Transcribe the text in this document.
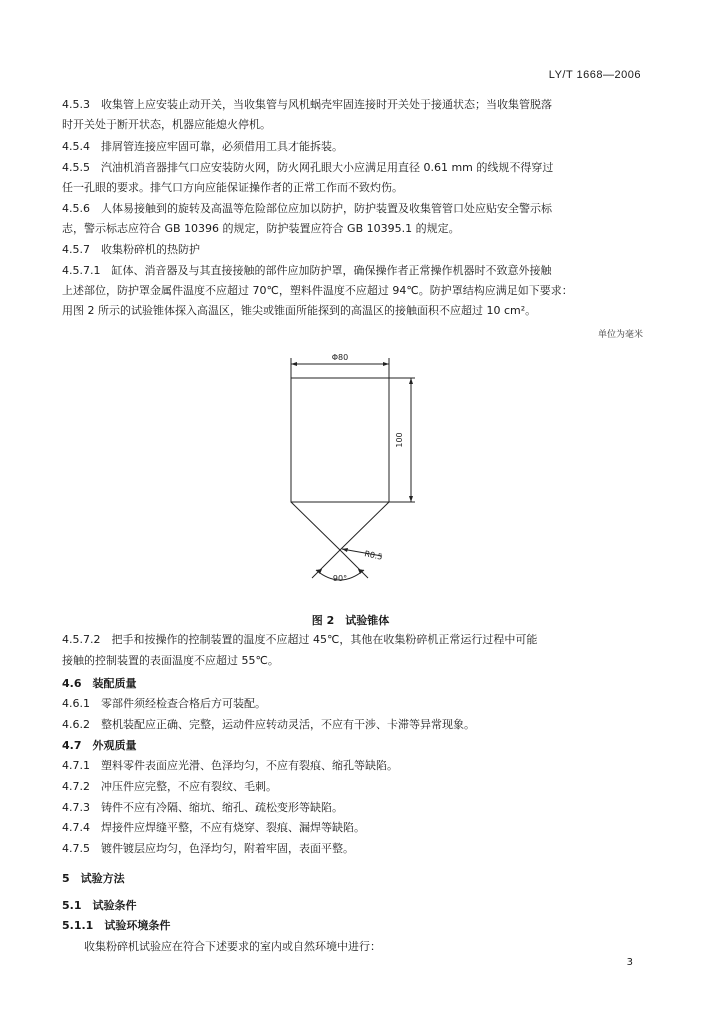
LY/T 1668—2006
4.5.3　收集管上应安装止动开关，当收集管与风机蜗壳牢固连接时开关处于接通状态；当收集管脱落
时开关处于断开状态，机器应能熄火停机。
4.5.4　排屑管连接应牢固可靠，必须借用工具才能拆装。
4.5.5　汽油机消音器排气口应安装防火网，防火网孔眼大小应满足用直径 0.61 mm 的线规不得穿过
任一孔眼的要求。排气口方向应能保证操作者的正常工作而不致灼伤。
4.5.6　人体易接触到的旋转及高温等危险部位应加以防护，防护装置及收集管管口处应贴安全警示标
志，警示标志应符合 GB 10396 的规定，防护装置应符合 GB 10395.1 的规定。
4.5.7　收集粉碎机的热防护
4.5.7.1　缸体、消音器及与其直接接触的部件应加防护罩，确保操作者正常操作机器时不致意外接触
上述部位，防护罩金属件温度不应超过 70℃，塑料件温度不应超过 94℃。防护罩结构应满足如下要求：
用图 2 所示的试验锥体探入高温区，锥尖或锥面所能探到的高温区的接触面积不应超过 10 cm²。
单位为毫米
Φ80
100
R0.5
90°
图 2　试验锥体
4.5.7.2　把手和按操作的控制装置的温度不应超过 45℃，其他在收集粉碎机正常运行过程中可能
接触的控制装置的表面温度不应超过 55℃。
4.6　装配质量
4.6.1　零部件须经检查合格后方可装配。
4.6.2　整机装配应正确、完整，运动件应转动灵活，不应有干涉、卡滞等异常现象。
4.7　外观质量
4.7.1　塑料零件表面应光滑、色泽均匀，不应有裂痕、缩孔等缺陷。
4.7.2　冲压件应完整，不应有裂纹、毛刺。
4.7.3　铸件不应有冷隔、缩坑、缩孔、疏松变形等缺陷。
4.7.4　焊接件应焊缝平整，不应有烧穿、裂痕、漏焊等缺陷。
4.7.5　镀件镀层应均匀，色泽均匀，附着牢固，表面平整。
5　试验方法
5.1　试验条件
5.1.1　试验环境条件
收集粉碎机试验应在符合下述要求的室内或自然环境中进行：
3
